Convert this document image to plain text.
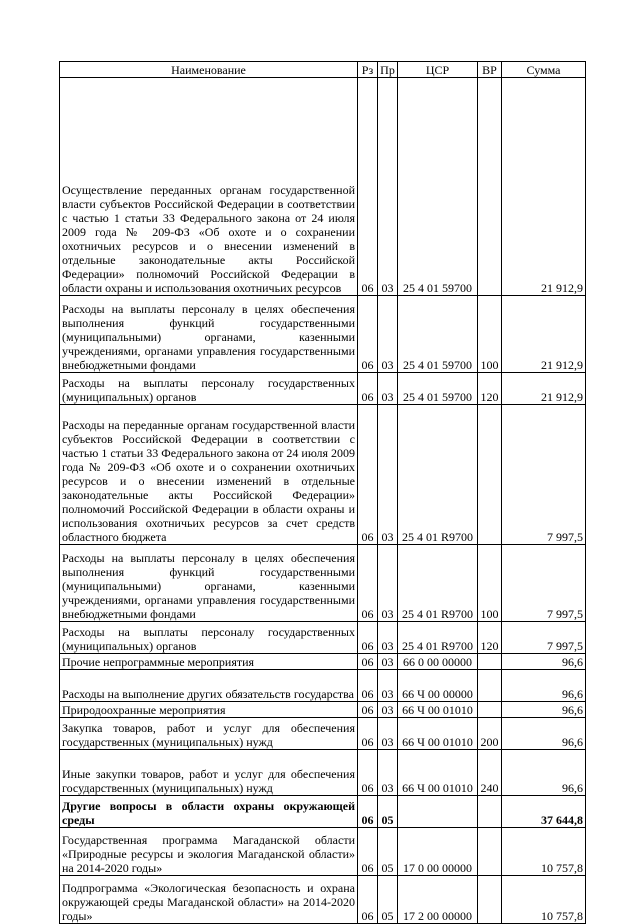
Наименование	Рз	Пр	ЦСР	ВР	Сумма
Осуществление переданных органам государственной власти субъектов Российской Федерации в соответствии с частью 1 статьи 33 Федерального закона от 24 июля 2009 года № 209-ФЗ «Об охоте и о сохранении охотничьих ресурсов и о внесении изменений в отдельные законодательные акты Российской Федерации» полномочий Российской Федерации в области охраны и использования охотничьих ресурсов	06	03	25 4 01 59700		21 912,9
Расходы на выплаты персоналу в целях обеспечения выполнения функций государственными (муниципальными) органами, казенными учреждениями, органами управления государственными внебюджетными фондами	06	03	25 4 01 59700	100	21 912,9
Расходы на выплаты персоналу государственных (муниципальных) органов	06	03	25 4 01 59700	120	21 912,9
Расходы на переданные органам государственной власти субъектов Российской Федерации в соответствии с частью 1 статьи 33 Федерального закона от 24 июля 2009 года № 209-ФЗ «Об охоте и о сохранении охотничьих ресурсов и о внесении изменений в отдельные законодательные акты Российской Федерации» полномочий Российской Федерации в области охраны и использования охотничьих ресурсов за счет средств областного бюджета	06	03	25 4 01 R9700		7 997,5
Расходы на выплаты персоналу в целях обеспечения выполнения функций государственными (муниципальными) органами, казенными учреждениями, органами управления государственными внебюджетными фондами	06	03	25 4 01 R9700	100	7 997,5
Расходы на выплаты персоналу государственных (муниципальных) органов	06	03	25 4 01 R9700	120	7 997,5
Прочие непрограммные мероприятия	06	03	66 0 00 00000		96,6
Расходы на выполнение других обязательств государства	06	03	66 Ч 00 00000		96,6
Природоохранные мероприятия	06	03	66 Ч 00 01010		96,6
Закупка товаров, работ и услуг для обеспечения государственных (муниципальных) нужд	06	03	66 Ч 00 01010	200	96,6
Иные закупки товаров, работ и услуг для обеспечения государственных (муниципальных) нужд	06	03	66 Ч 00 01010	240	96,6
Другие вопросы в области охраны окружающей среды	06	05			37 644,8
Государственная программа Магаданской области «Природные ресурсы и экология Магаданской области» на 2014-2020 годы»	06	05	17 0 00 00000		10 757,8
Подпрограмма «Экологическая безопасность и охрана окружающей среды Магаданской области» на 2014-2020 годы»	06	05	17 2 00 00000		10 757,8
